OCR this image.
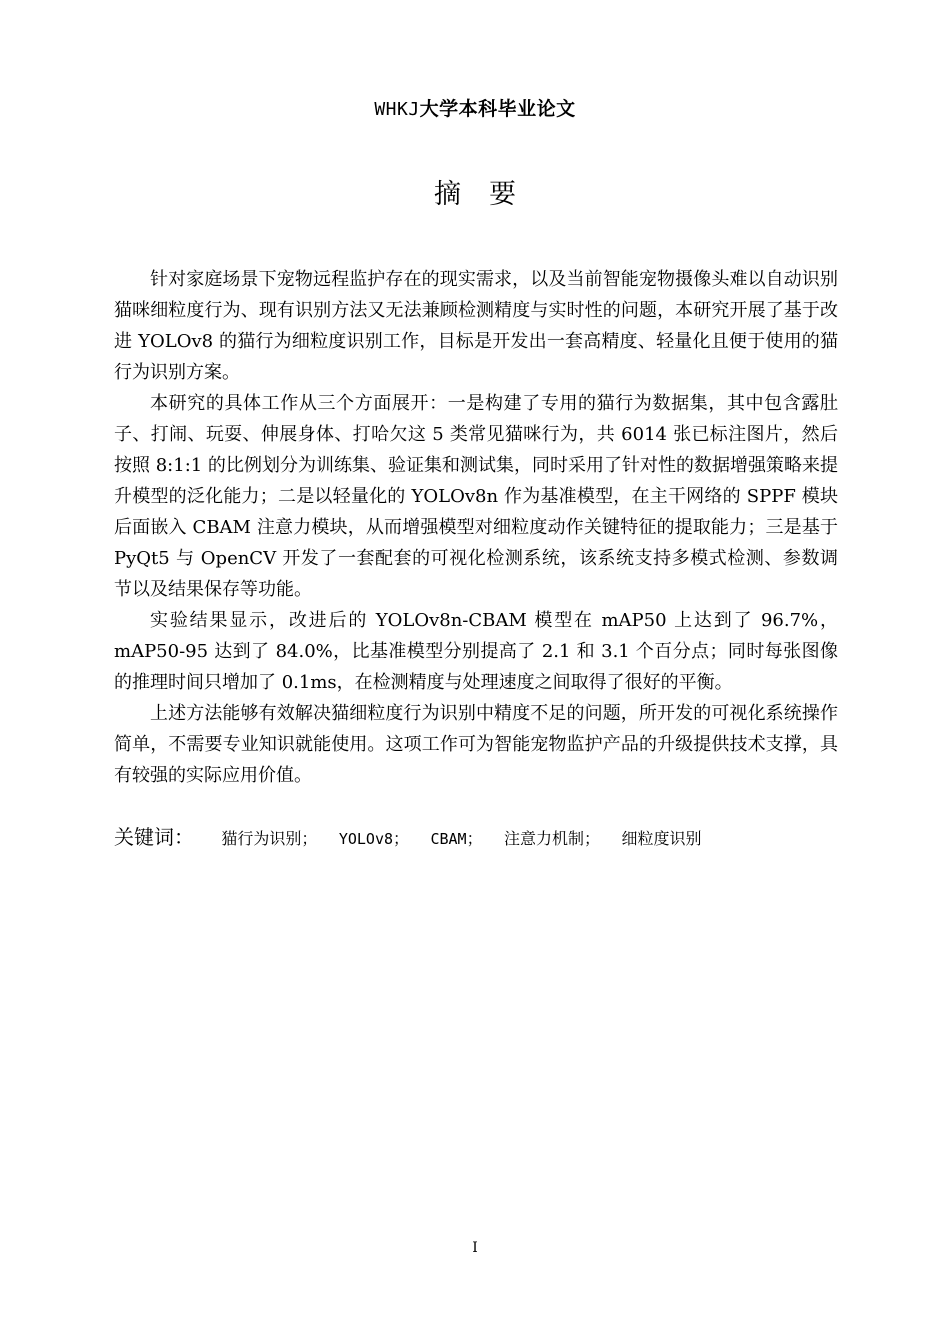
WHKJ大学本科毕业论文
摘要

针对家庭场景下宠物远程监护存在的现实需求，以及当前智能宠物摄像头难以自动识别猫咪细粒度行为、现有识别方法又无法兼顾检测精度与实时性的问题，本研究开展了基于改进 YOLOv8 的猫行为细粒度识别工作，目标是开发出一套高精度、轻量化且便于使用的猫行为识别方案。

本研究的具体工作从三个方面展开：一是构建了专用的猫行为数据集，其中包含露肚子、打闹、玩耍、伸展身体、打哈欠这 5 类常见猫咪行为，共 6014 张已标注图片，然后按照 8:1:1 的比例划分为训练集、验证集和测试集，同时采用了针对性的数据增强策略来提升模型的泛化能力；二是以轻量化的 YOLOv8n 作为基准模型，在主干网络的 SPPF 模块后面嵌入 CBAM 注意力模块，从而增强模型对细粒度动作关键特征的提取能力；三是基于 PyQt5 与 OpenCV 开发了一套配套的可视化检测系统，该系统支持多模式检测、参数调节以及结果保存等功能。

实验结果显示，改进后的 YOLOv8n-CBAM 模型在 mAP50 上达到了 96.7%，mAP50-95 达到了 84.0%，比基准模型分别提高了 2.1 和 3.1 个百分点；同时每张图像的推理时间只增加了 0.1ms，在检测精度与处理速度之间取得了很好的平衡。

上述方法能够有效解决猫细粒度行为识别中精度不足的问题，所开发的可视化系统操作简单，不需要专业知识就能使用。这项工作可为智能宠物监护产品的升级提供技术支撑，具有较强的实际应用价值。

关键词： 猫行为识别； YOLOv8； CBAM； 注意力机制； 细粒度识别
I
